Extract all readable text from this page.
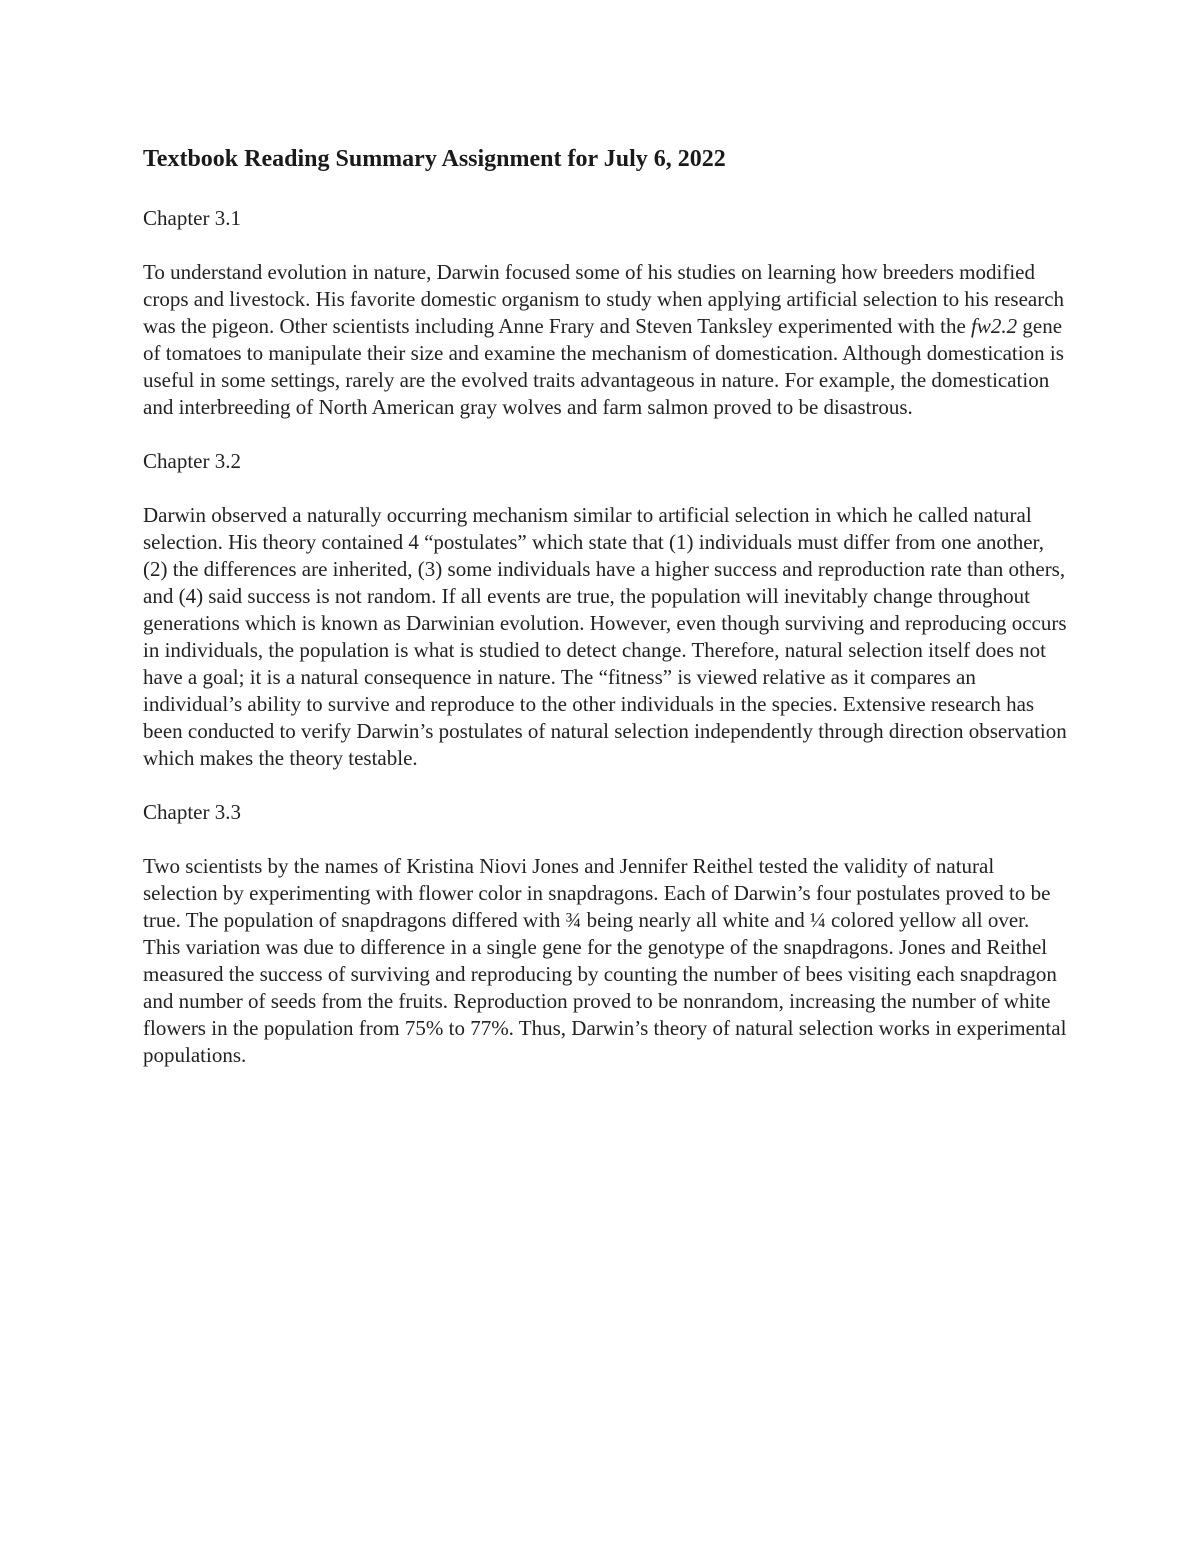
Textbook Reading Summary Assignment for July 6, 2022

Chapter 3.1

To understand evolution in nature, Darwin focused some of his studies on learning how breeders modified crops and livestock. His favorite domestic organism to study when applying artificial selection to his research was the pigeon. Other scientists including Anne Frary and Steven Tanksley experimented with the fw2.2 gene of tomatoes to manipulate their size and examine the mechanism of domestication. Although domestication is useful in some settings, rarely are the evolved traits advantageous in nature. For example, the domestication and interbreeding of North American gray wolves and farm salmon proved to be disastrous.

Chapter 3.2

Darwin observed a naturally occurring mechanism similar to artificial selection in which he called natural selection. His theory contained 4 “postulates” which state that (1) individuals must differ from one another, (2) the differences are inherited, (3) some individuals have a higher success and reproduction rate than others, and (4) said success is not random. If all events are true, the population will inevitably change throughout generations which is known as Darwinian evolution. However, even though surviving and reproducing occurs in individuals, the population is what is studied to detect change. Therefore, natural selection itself does not have a goal; it is a natural consequence in nature. The “fitness” is viewed relative as it compares an individual’s ability to survive and reproduce to the other individuals in the species. Extensive research has been conducted to verify Darwin’s postulates of natural selection independently through direction observation which makes the theory testable.

Chapter 3.3

Two scientists by the names of Kristina Niovi Jones and Jennifer Reithel tested the validity of natural selection by experimenting with flower color in snapdragons. Each of Darwin’s four postulates proved to be true. The population of snapdragons differed with ¾ being nearly all white and ¼ colored yellow all over. This variation was due to difference in a single gene for the genotype of the snapdragons. Jones and Reithel measured the success of surviving and reproducing by counting the number of bees visiting each snapdragon and number of seeds from the fruits. Reproduction proved to be nonrandom, increasing the number of white flowers in the population from 75% to 77%. Thus, Darwin’s theory of natural selection works in experimental populations.
